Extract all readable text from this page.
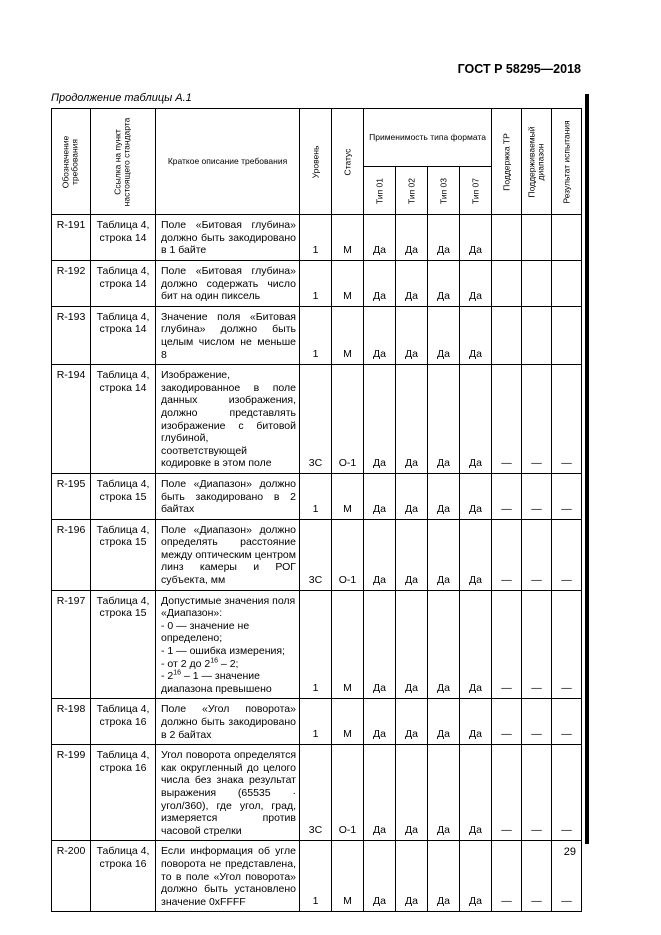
ГОСТ Р 58295—2018
Продолжение таблицы А.1
Обозначение требования	Ссылка на пункт настоящего стандарта	Краткое описание требования	Уровень	Статус	Применимость типа формата				Поддержка ТР	Поддерживаемый диапазон	Результат испытания

					Тип 01	Тип 02	Тип 03	Тип 07			

R-191	Таблица 4, строка 14	Поле «Битовая глубина» должно быть закодировано в 1 байте	1	М	Да	Да	Да	Да			
R-192	Таблица 4, строка 14	Поле «Битовая глубина» должно содержать число бит на один пиксель	1	М	Да	Да	Да	Да			
R-193	Таблица 4, строка 14	Значение поля «Битовая глубина» должно быть целым числом не меньше 8	1	М	Да	Да	Да	Да			
R-194	Таблица 4, строка 14	Изображение, закодированное в поле данных изображения, должно представлять изображение с битовой глубиной, соответствующей кодировке в этом поле	3С	О-1	Да	Да	Да	Да	—	—	—
R-195	Таблица 4, строка 15	Поле «Диапазон» должно быть закодировано в 2 байтах	1	М	Да	Да	Да	Да	—	—	—
R-196	Таблица 4, строка 15	Поле «Диапазон» должно определять расстояние между оптическим центром линз камеры и РОГ субъекта, мм	3С	О-1	Да	Да	Да	Да	—	—	—
R-197	Таблица 4, строка 15	Допустимые значения поля «Диапазон»:
- 0 — значение не определено;
- 1 — ошибка измерения;
- от 2 до $2^{16} - 2$;
- $2^{16} - 1$ — значение диапазона превышено	1	М	Да	Да	Да	Да	—	—	—
R-198	Таблица 4, строка 16	Поле «Угол поворота» должно быть закодировано в 2 байтах	1	М	Да	Да	Да	Да	—	—	—
R-199	Таблица 4, строка 16	Угол поворота определятся как округленный до целого числа без знака результат выражения (65535 · угол/360), где угол, град, измеряется против часовой стрелки	3С	О-1	Да	Да	Да	Да	—	—	—
R-200	Таблица 4, строка 16	Если информация об угле поворота не представлена, то в поле «Угол поворота» должно быть установлено значение 0xFFFF	1	М	Да	Да	Да	Да	—	—	—
29
